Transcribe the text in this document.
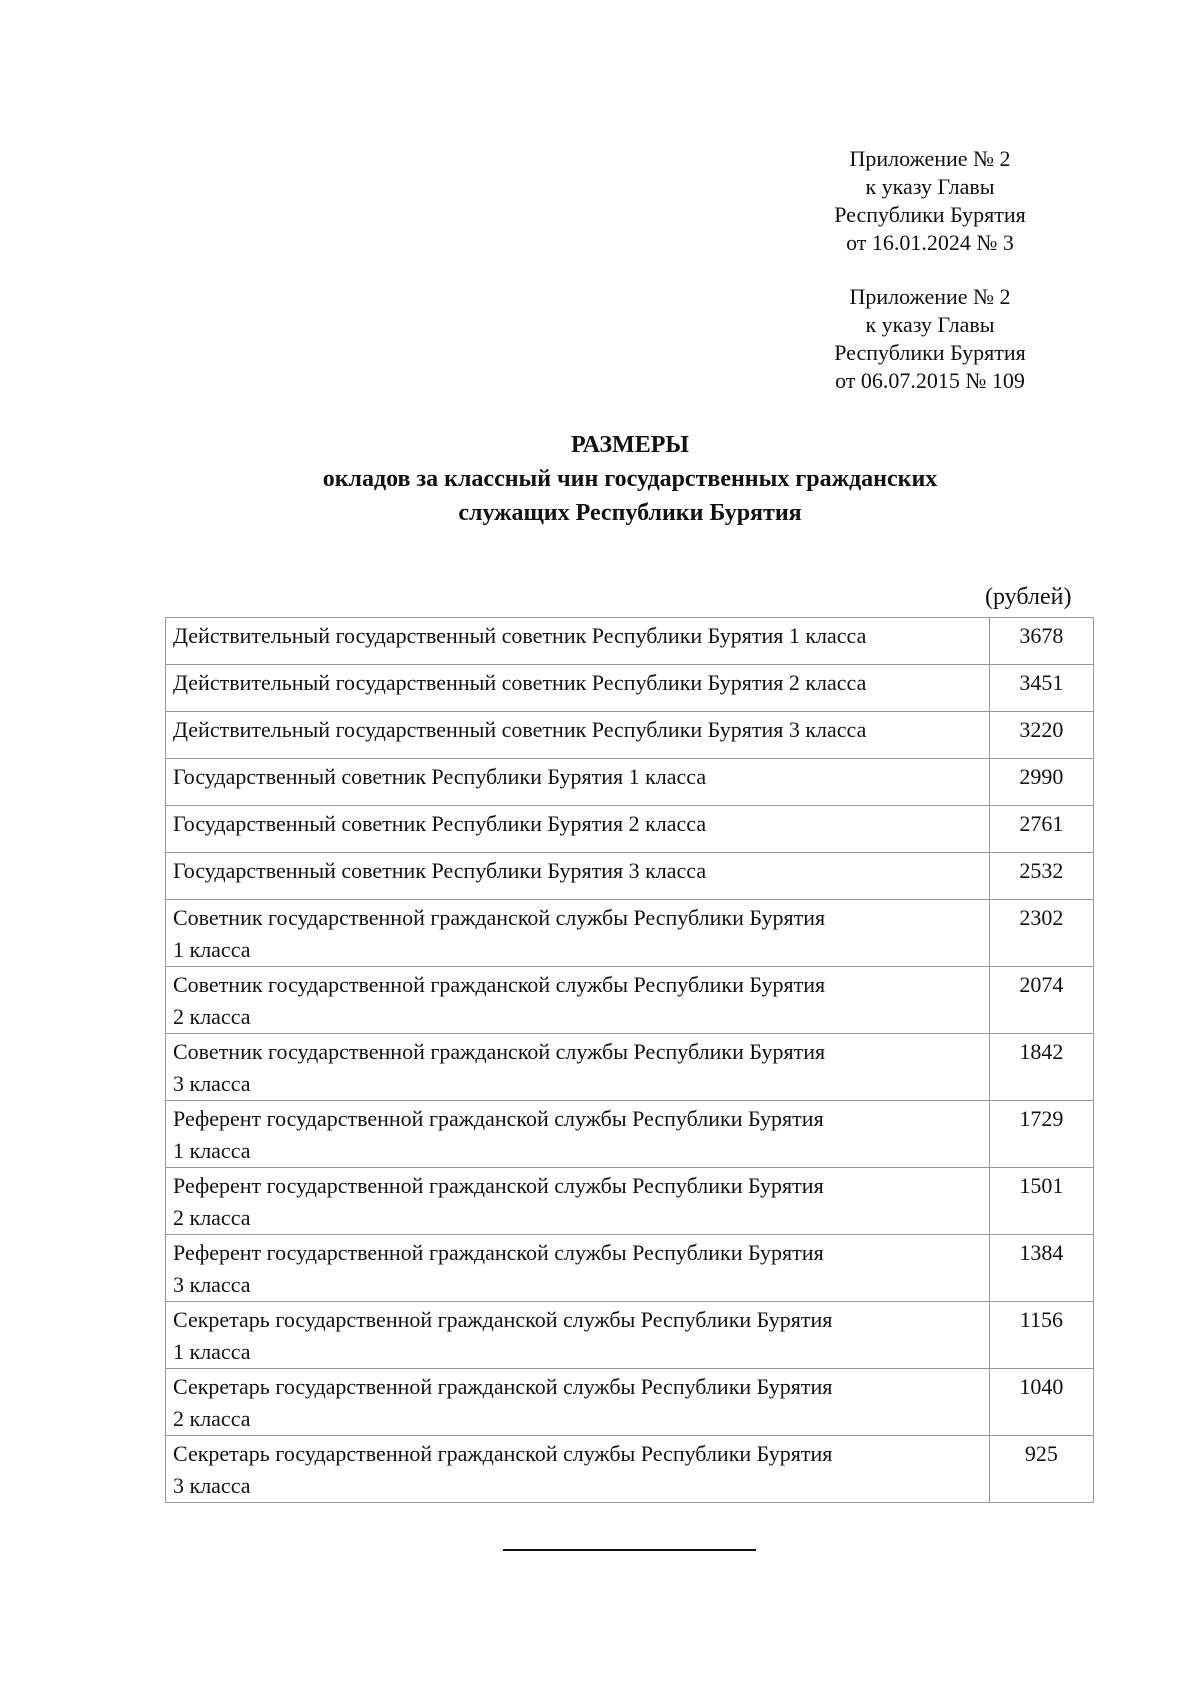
Приложение № 2
к указу Главы
Республики Бурятия
от 16.01.2024 № 3
Приложение № 2
к указу Главы
Республики Бурятия
от 06.07.2015 № 109
РАЗМЕРЫ
окладов за классный чин государственных гражданских
служащих Республики Бурятия
(рублей)
Действительный государственный советник Республики Бурятия 1 класса	3678
Действительный государственный советник Республики Бурятия 2 класса	3451
Действительный государственный советник Республики Бурятия 3 класса	3220
Государственный советник Республики Бурятия 1 класса	2990
Государственный советник Республики Бурятия 2 класса	2761
Государственный советник Республики Бурятия 3 класса	2532

Советник государственной гражданской службы Республики Бурятия
1 класса	2302

Советник государственной гражданской службы Республики Бурятия
2 класса	2074

Советник государственной гражданской службы Республики Бурятия
3 класса	1842

Референт государственной гражданской службы Республики Бурятия
1 класса	1729

Референт государственной гражданской службы Республики Бурятия
2 класса	1501

Референт государственной гражданской службы Республики Бурятия
3 класса	1384

Секретарь государственной гражданской службы Республики Бурятия
1 класса	1156

Секретарь государственной гражданской службы Республики Бурятия
2 класса	1040

Секретарь государственной гражданской службы Республики Бурятия
3 класса	925
